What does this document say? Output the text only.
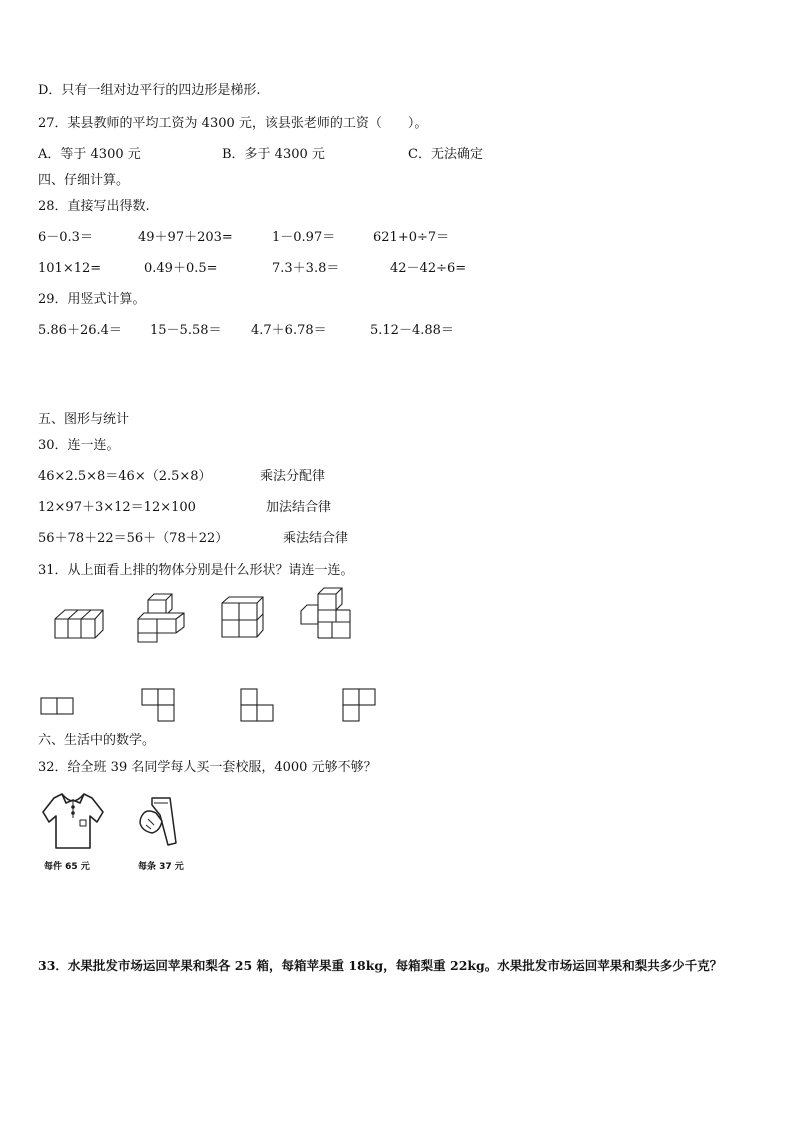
D．只有一组对边平行的四边形是梯形.
27．某县教师的平均工资为 4300 元，该县张老师的工资（　　）。
A．等于 4300 元	B．多于 4300 元	C．无法确定
四、仔细计算。
28．直接写出得数.
6－0.3＝	49＋97＋203=	1－0.97＝	621+0÷7＝
101×12=	0.49＋0.5=	7.3＋3.8＝	42－42÷6=
29．用竖式计算。
5.86＋26.4＝ 15－5.58＝ 4.7＋6.78＝	5.12－4.88＝
五、图形与统计
30．连一连。
46×2.5×8＝46×（2.5×8）	乘法分配律
12×97＋3×12＝12×100	加法结合律
56＋78＋22＝56＋（78＋22）	乘法结合律
31．从上面看上排的物体分别是什么形状？请连一连。
六、生活中的数学。
32．给全班 39 名同学每人买一套校服，4000 元够不够？
每件 65 元	每条 37 元
33．水果批发市场运回苹果和梨各 25 箱，每箱苹果重 18kg，每箱梨重 22kg。水果批发市场运回苹果和梨共多少千克？
